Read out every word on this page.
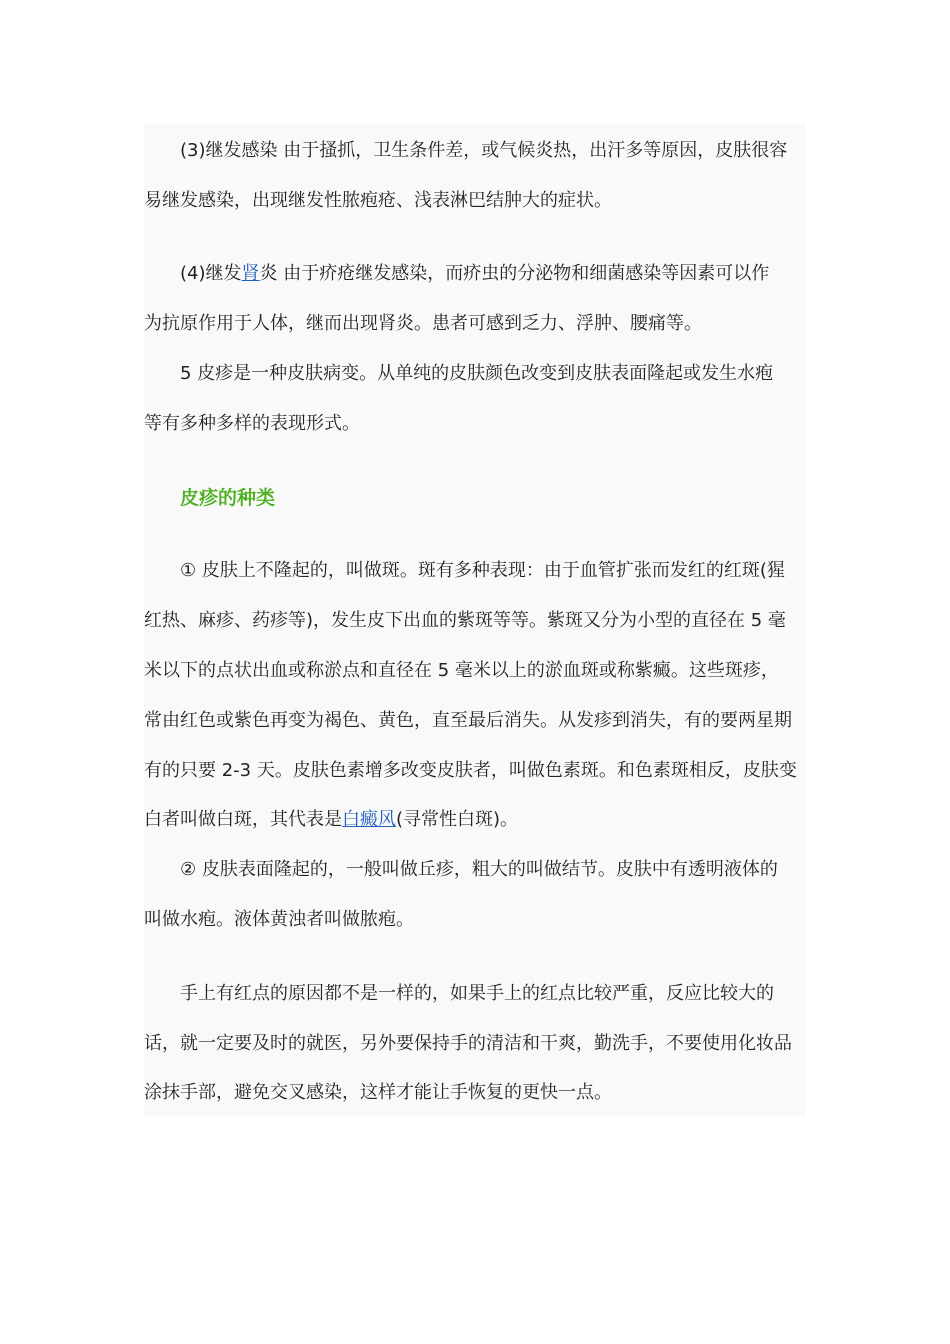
(3)继发感染 由于搔抓，卫生条件差，或气候炎热，出汗多等原因，皮肤很容
易继发感染，出现继发性脓疱疮、浅表淋巴结肿大的症状。
(4)继发肾炎 由于疥疮继发感染，而疥虫的分泌物和细菌感染等因素可以作
为抗原作用于人体，继而出现肾炎。患者可感到乏力、浮肿、腰痛等。
5 皮疹是一种皮肤病变。从单纯的皮肤颜色改变到皮肤表面隆起或发生水疱
等有多种多样的表现形式。
皮疹的种类
① 皮肤上不隆起的，叫做斑。斑有多种表现：由于血管扩张而发红的红斑(猩
红热、麻疹、药疹等)，发生皮下出血的紫斑等等。紫斑又分为小型的直径在 5 毫
米以下的点状出血或称淤点和直径在 5 毫米以上的淤血斑或称紫癜。这些斑疹，
常由红色或紫色再变为褐色、黄色，直至最后消失。从发疹到消失，有的要两星期
有的只要 2-3 天。皮肤色素增多改变皮肤者，叫做色素斑。和色素斑相反，皮肤变
白者叫做白斑，其代表是白癜风(寻常性白斑)。
② 皮肤表面隆起的，一般叫做丘疹，粗大的叫做结节。皮肤中有透明液体的
叫做水疱。液体黄浊者叫做脓疱。
手上有红点的原因都不是一样的，如果手上的红点比较严重，反应比较大的
话，就一定要及时的就医，另外要保持手的清洁和干爽，勤洗手，不要使用化妆品
涂抹手部，避免交叉感染，这样才能让手恢复的更快一点。
